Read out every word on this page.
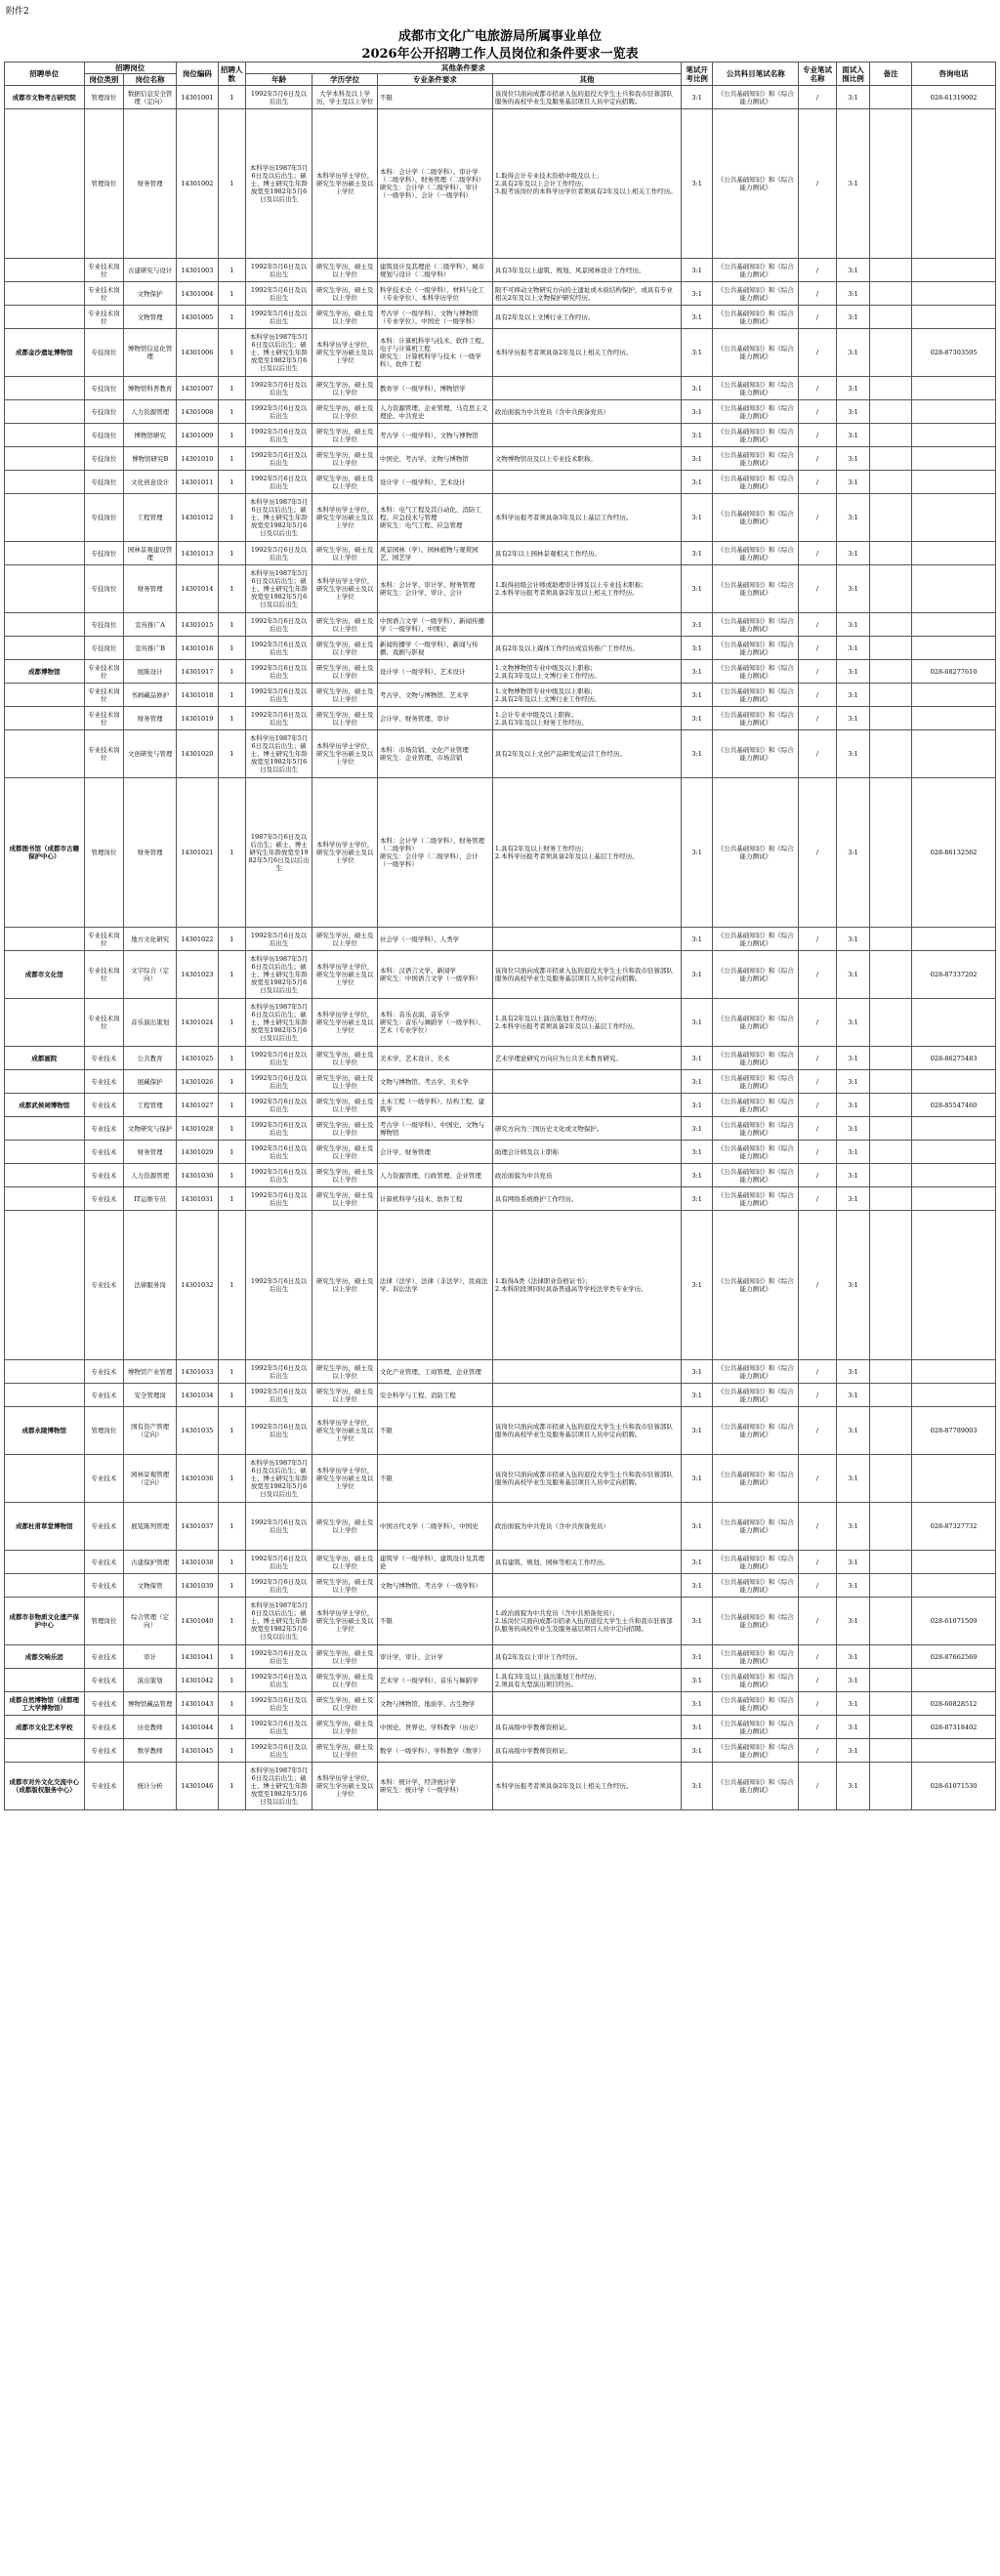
附件2
成都市文化广电旅游局所属事业单位
2026年公开招聘工作人员岗位和条件要求一览表
招聘单位	招聘岗位		岗位编码	招聘人数	其他条件要求				笔试开考比例	公共科目笔试名称	专业笔试名称	面试入围比例	备注	咨询电话
	岗位类别	岗位名称			年龄	学历学位	专业条件要求	其他						
成都市文物考古研究院	管理岗位	数据信息安全管理（定向）	14301001	1	1992年5月6日及以后出生	大学本科及以上学历，学士及以上学位	不限	该岗位只面向成都市招录入伍的退役大学生士兵和我市驻蓉部队服务的高校毕业生及服务基层项目人员中定向招聘。	3:1	《公共基础知识》和《综合能力测试》	/	3:1		028-61319002
	管理岗位	财务管理	14301002	1	本科学历1987年5月6日及以后出生；硕士、博士研究生年龄放宽至1982年5月6日及以后出生	本科学历学士学位，研究生学历硕士及以上学位	本科：会计学（二级学科）、审计学（二级学科）、财务管理（二级学科）
研究生：会计学（二级学科）、审计（一级学科）、会计（一级学科）	1.取得会计专业技术资格中级及以上；
2.具有2年及以上会计工作经历；
3.报考该岗位的本科学历学位者须具有2年及以上相关工作经历。	3:1	《公共基础知识》和《综合能力测试》	/	3:1		
	专业技术岗位	古建研究与设计	14301003	1	1992年5月6日及以后出生	研究生学历，硕士及以上学位	建筑设计及其理论（二级学科）、城市规划与设计（二级学科）	具有3年及以上建筑、规划、风景园林设计工作经历。	3:1	《公共基础知识》和《综合能力测试》	/	3:1		
	专业技术岗位	文物保护	14301004	1	1992年5月6日及以后出生	研究生学历，硕士及以上学位	科学技术史（一级学科）、材料与化工（专业学位）、本科学历学位	限不可移动文物研究方向的土遗址或木质结构保护，或具有专业相关2年及以上文物保护研究经历。	3:1	《公共基础知识》和《综合能力测试》	/	3:1		
	专业技术岗位	文物管理	14301005	1	1992年5月6日及以后出生	研究生学历，硕士及以上学位	考古学（一级学科）、文物与博物馆（专业学位）、中国史（一级学科）	具有2年及以上文博行业工作经历。	3:1	《公共基础知识》和《综合能力测试》	/	3:1		
成都金沙遗址博物馆	专技岗位	博物馆信息化管理	14301006	1	本科学历1987年5月6日及以后出生；硕士、博士研究生年龄放宽至1982年5月6日及以后出生	本科学历学士学位，研究生学历硕士及以上学位	本科：计算机科学与技术、软件工程、电子与计算机工程
研究生：计算机科学与技术（一级学科）、软件工程	本科学历报考者须具备2年及以上相关工作经历。	3:1	《公共基础知识》和《综合能力测试》	/	3:1		028-87303595
	专技岗位	博物馆科普教育	14301007	1	1992年5月6日及以后出生	研究生学历，硕士及以上学位	教育学（一级学科）、博物馆学		3:1	《公共基础知识》和《综合能力测试》	/	3:1		
	专技岗位	人力资源管理	14301008	1	1992年5月6日及以后出生	研究生学历，硕士及以上学位	人力资源管理、企业管理、马克思主义理论、中共党史	政治面貌为中共党员（含中共预备党员）	3:1	《公共基础知识》和《综合能力测试》	/	3:1		
	专技岗位	博物馆研究	14301009	1	1992年5月6日及以后出生	研究生学历，硕士及以上学位	考古学（一级学科）、文物与博物馆		3:1	《公共基础知识》和《综合能力测试》	/	3:1		
	专技岗位	博物馆研究B	14301010	1	1992年5月6日及以后出生	研究生学历，硕士及以上学位	中国史、考古学、文物与博物馆	文物博物馆员及以上专业技术职称。	3:1	《公共基础知识》和《综合能力测试》	/	3:1		
	专技岗位	文化创意设计	14301011	1	1992年5月6日及以后出生	研究生学历，硕士及以上学位	设计学（一级学科）、艺术设计		3:1	《公共基础知识》和《综合能力测试》	/	3:1		
	专技岗位	工程管理	14301012	1	本科学历1987年5月6日及以后出生；硕士、博士研究生年龄放宽至1982年5月6日及以后出生	本科学历学士学位，研究生学历硕士及以上学位	本科：电气工程及其自动化、消防工程、应急技术与管理
研究生：电气工程、应急管理	本科学历报考者须具备3年及以上基层工作经历。	3:1	《公共基础知识》和《综合能力测试》	/	3:1		
	专技岗位	园林景观建设管理	14301013	1	1992年5月6日及以后出生	研究生学历，硕士及以上学位	风景园林（学）、园林植物与观赏园艺、园艺学	具有2年以上园林景观相关工作经历。	3:1	《公共基础知识》和《综合能力测试》	/	3:1		
	专技岗位	财务管理	14301014	1	本科学历1987年5月6日及以后出生；硕士、博士研究生年龄放宽至1982年5月6日及以后出生	本科学历学士学位，研究生学历硕士及以上学位	本科：会计学、审计学、财务管理
研究生：会计学、审计、会计	1.取得初级会计师或助理审计师及以上专业技术职称；
2.本科学历报考者须具备2年及以上相关工作经历。	3:1	《公共基础知识》和《综合能力测试》	/	3:1		
	专技岗位	宣传推广A	14301015	1	1992年5月6日及以后出生	研究生学历，硕士及以上学位	中国语言文学（一级学科）、新闻传播学（一级学科）、中国史		3:1	《公共基础知识》和《综合能力测试》	/	3:1		
	专技岗位	宣传推广B	14301016	1	1992年5月6日及以后出生	研究生学历，硕士及以上学位	新闻传播学（一级学科）、新闻与传播、戏剧与影视	具有2年及以上媒体工作经历或宣传推广工作经历。	3:1	《公共基础知识》和《综合能力测试》	/	3:1		
成都博物馆	专业技术岗位	展陈设计	14301017	1	1992年5月6日及以后出生	研究生学历，硕士及以上学位	设计学（一级学科）、艺术设计	1.文物博物馆专业中级及以上职称；
2.具有3年及以上文博行业工作经历。	3:1	《公共基础知识》和《综合能力测试》	/	3:1		028-68277610
	专业技术岗位	书画藏品修护	14301018	1	1992年5月6日及以后出生	研究生学历，硕士及以上学位	考古学、文物与博物馆、艺术学	1.文物博物馆专业中级及以上职称；
2.具有2年及以上文博行业工作经历。	3:1	《公共基础知识》和《综合能力测试》	/	3:1		
	专业技术岗位	财务管理	14301019	1	1992年5月6日及以后出生	研究生学历，硕士及以上学位	会计学、财务管理、审计	1.会计专业中级及以上职称；
2.具有3年及以上财务工作经历。	3:1	《公共基础知识》和《综合能力测试》	/	3:1		
	专业技术岗位	文创研发与管理	14301020	1	本科学历1987年5月6日及以后出生；硕士、博士研究生年龄放宽至1982年5月6日及以后出生	本科学历学士学位，研究生学历硕士及以上学位	本科：市场营销、文化产业管理
研究生：企业管理、市场营销	具有2年及以上文创产品研发或运营工作经历。	3:1	《公共基础知识》和《综合能力测试》	/	3:1		
成都图书馆（成都市古籍保护中心）	管理岗位	财务管理	14301021	1	1987年5月6日及以后出生；硕士、博士研究生年龄放宽至1982年5月6日及以后出生	本科学历学士学位，研究生学历硕士及以上学位	本科：会计学（二级学科）、财务管理（二级学科）
研究生：会计学（二级学科）、会计（一级学科）	1.具有2年及以上财务工作经历；
2.本科学历报考者须具备2年及以上基层工作经历。	3:1	《公共基础知识》和《综合能力测试》	/	3:1		028-86132562
	专业技术岗位	地方文化研究	14301022	1	1992年5月6日及以后出生	研究生学历，硕士及以上学位	社会学（一级学科）、人类学		3:1	《公共基础知识》和《综合能力测试》	/	3:1		
成都市文化馆	专业技术岗位	文字综合（定向）	14301023	1	本科学历1987年5月6日及以后出生；硕士、博士研究生年龄放宽至1982年5月6日及以后出生	本科学历学士学位，研究生学历硕士及以上学位	本科：汉语言文学、新闻学
研究生：中国语言文学（一级学科）	该岗位只面向成都市招录入伍的退役大学生士兵和我市驻蓉部队服务的高校毕业生及服务基层项目人员中定向招聘。	3:1	《公共基础知识》和《综合能力测试》	/	3:1		028-87337202
	专业技术岗位	音乐演出策划	14301024	1	本科学历1987年5月6日及以后出生；硕士、博士研究生年龄放宽至1982年5月6日及以后出生	本科学历学士学位，研究生学历硕士及以上学位	本科：音乐表演、音乐学
研究生：音乐与舞蹈学（一级学科）、艺术（专业学位）	1.具有2年及以上演出策划工作经历；
2.本科学历报考者须具备2年及以上基层工作经历。	3:1	《公共基础知识》和《综合能力测试》	/	3:1		
成都画院	专业技术	公共教育	14301025	1	1992年5月6日及以后出生	研究生学历，硕士及以上学位	美术学、艺术设计、美术	艺术学理论研究方向应为公共美术教育研究。	3:1	《公共基础知识》和《综合能力测试》	/	3:1		028-86275483
	专业技术	展藏保护	14301026	1	1992年5月6日及以后出生	研究生学历，硕士及以上学位	文物与博物馆、考古学、美术学		3:1	《公共基础知识》和《综合能力测试》	/	3:1		
成都武侯祠博物馆	专业技术	工程管理	14301027	1	1992年5月6日及以后出生	研究生学历，硕士及以上学位	土木工程（一级学科）、结构工程、建筑学		3:1	《公共基础知识》和《综合能力测试》	/	3:1		028-85547460
	专业技术	文物研究与保护	14301028	1	1992年5月6日及以后出生	研究生学历，硕士及以上学位	考古学（一级学科）、中国史、文物与博物馆	研究方向为三国历史文化或文物保护。	3:1	《公共基础知识》和《综合能力测试》	/	3:1		
	专业技术	财务管理	14301029	1	1992年5月6日及以后出生	研究生学历，硕士及以上学位	会计学、财务管理	助理会计师及以上职称	3:1	《公共基础知识》和《综合能力测试》	/	3:1		
	专业技术	人力资源管理	14301030	1	1992年5月6日及以后出生	研究生学历，硕士及以上学位	人力资源管理、行政管理、企业管理	政治面貌为中共党员	3:1	《公共基础知识》和《综合能力测试》	/	3:1		
	专业技术	IT运维专员	14301031	1	1992年5月6日及以后出生	研究生学历，硕士及以上学位	计算机科学与技术、软件工程	具有网络系统维护工作经历。	3:1	《公共基础知识》和《综合能力测试》	/	3:1		
	专业技术	法律服务岗	14301032	1	1992年5月6日及以后出生	研究生学历，硕士及以上学位	法律（法学）、法律（非法学）、民商法学、诉讼法学	1.取得A类《法律职业资格证书》；
2.本科阶段须同时具备普通高等学校法学类专业学历。	3:1	《公共基础知识》和《综合能力测试》	/	3:1		
	专业技术	博物馆产业管理	14301033	1	1992年5月6日及以后出生	研究生学历，硕士及以上学位	文化产业管理、工商管理、企业管理		3:1	《公共基础知识》和《综合能力测试》	/	3:1		
	专业技术	安全管理岗	14301034	1	1992年5月6日及以后出生	研究生学历，硕士及以上学位	安全科学与工程、消防工程		3:1	《公共基础知识》和《综合能力测试》	/	3:1		
成都永陵博物馆	管理岗位	国有资产管理（定向）	14301035	1	1992年5月6日及以后出生	本科学历学士学位，研究生学历硕士及以上学位	不限	该岗位只面向成都市招录入伍的退役大学生士兵和我市驻蓉部队服务的高校毕业生及服务基层项目人员中定向招聘。	3:1	《公共基础知识》和《综合能力测试》	/	3:1		028-87789003
	专业技术	园林景观管理（定向）	14301036	1	本科学历1987年5月6日及以后出生；硕士、博士研究生年龄放宽至1982年5月6日及以后出生	本科学历学士学位，研究生学历硕士及以上学位	不限	该岗位只面向成都市招录入伍的退役大学生士兵和我市驻蓉部队服务的高校毕业生及服务基层项目人员中定向招聘。	3:1	《公共基础知识》和《综合能力测试》	/	3:1		
成都杜甫草堂博物馆	专业技术	展览陈列管理	14301037	1	1992年5月6日及以后出生	研究生学历，硕士及以上学位	中国古代文学（二级学科）、中国史	政治面貌为中共党员（含中共预备党员）	3:1	《公共基础知识》和《综合能力测试》	/	3:1		028-87327732
	专业技术	古建保护管理	14301038	1	1992年5月6日及以后出生	研究生学历，硕士及以上学位	建筑学（一级学科）、建筑设计及其理论	具有建筑、规划、园林等相关工作经历。	3:1	《公共基础知识》和《综合能力测试》	/	3:1		
	专业技术	文物保管	14301039	1	1992年5月6日及以后出生	研究生学历，硕士及以上学位	文物与博物馆、考古学（一级学科）		3:1	《公共基础知识》和《综合能力测试》	/	3:1		
成都市非物质文化遗产保护中心	管理岗位	综合管理（定向）	14301040	1	本科学历1987年5月6日及以后出生；硕士、博士研究生年龄放宽至1982年5月6日及以后出生	本科学历学士学位，研究生学历硕士及以上学位	不限	1.政治面貌为中共党员（含中共预备党员）；
2.该岗位只面向成都市招录入伍的退役大学生士兵和我市驻蓉部队服务的高校毕业生及服务基层项目人员中定向招聘。	3:1	《公共基础知识》和《综合能力测试》	/	3:1		028-61071509
成都交响乐团	专业技术	审计	14301041	1	1992年5月6日及以后出生	研究生学历，硕士及以上学位	审计学、审计、会计学	具有2年及以上审计工作经历。	3:1	《公共基础知识》和《综合能力测试》	/	3:1		028-87662569
	专业技术	演出策划	14301042	1	1992年5月6日及以后出生	研究生学历，硕士及以上学位	艺术学（一级学科）、音乐与舞蹈学	1.具有3年及以上演出策划工作经历；
2.须具有大型演出项目经历。	3:1	《公共基础知识》和《综合能力测试》	/	3:1		
成都自然博物馆（成都理工大学博物馆）	专业技术	博物馆藏品管理	14301043	1	1992年5月6日及以后出生	研究生学历，硕士及以上学位	文物与博物馆、地质学、古生物学		3:1	《公共基础知识》和《综合能力测试》	/	3:1		028-60828512
成都市文化艺术学校	专业技术	历史教师	14301044	1	1992年5月6日及以后出生	研究生学历，硕士及以上学位	中国史、世界史、学科教学（历史）	具有高级中学教师资格证。	3:1	《公共基础知识》和《综合能力测试》	/	3:1		028-87318402
	专业技术	数学教师	14301045	1	1992年5月6日及以后出生	研究生学历，硕士及以上学位	数学（一级学科）、学科教学（数学）	具有高级中学教师资格证。	3:1	《公共基础知识》和《综合能力测试》	/	3:1		
成都市对外文化交流中心（成都版权服务中心）	专业技术	统计分析	14301046	1	本科学历1987年5月6日及以后出生；硕士、博士研究生年龄放宽至1982年5月6日及以后出生	本科学历学士学位，研究生学历硕士及以上学位	本科：统计学、经济统计学
研究生：统计学（一级学科）	本科学历报考者须具备2年及以上相关工作经历。	3:1	《公共基础知识》和《综合能力测试》	/	3:1		028-61071530
